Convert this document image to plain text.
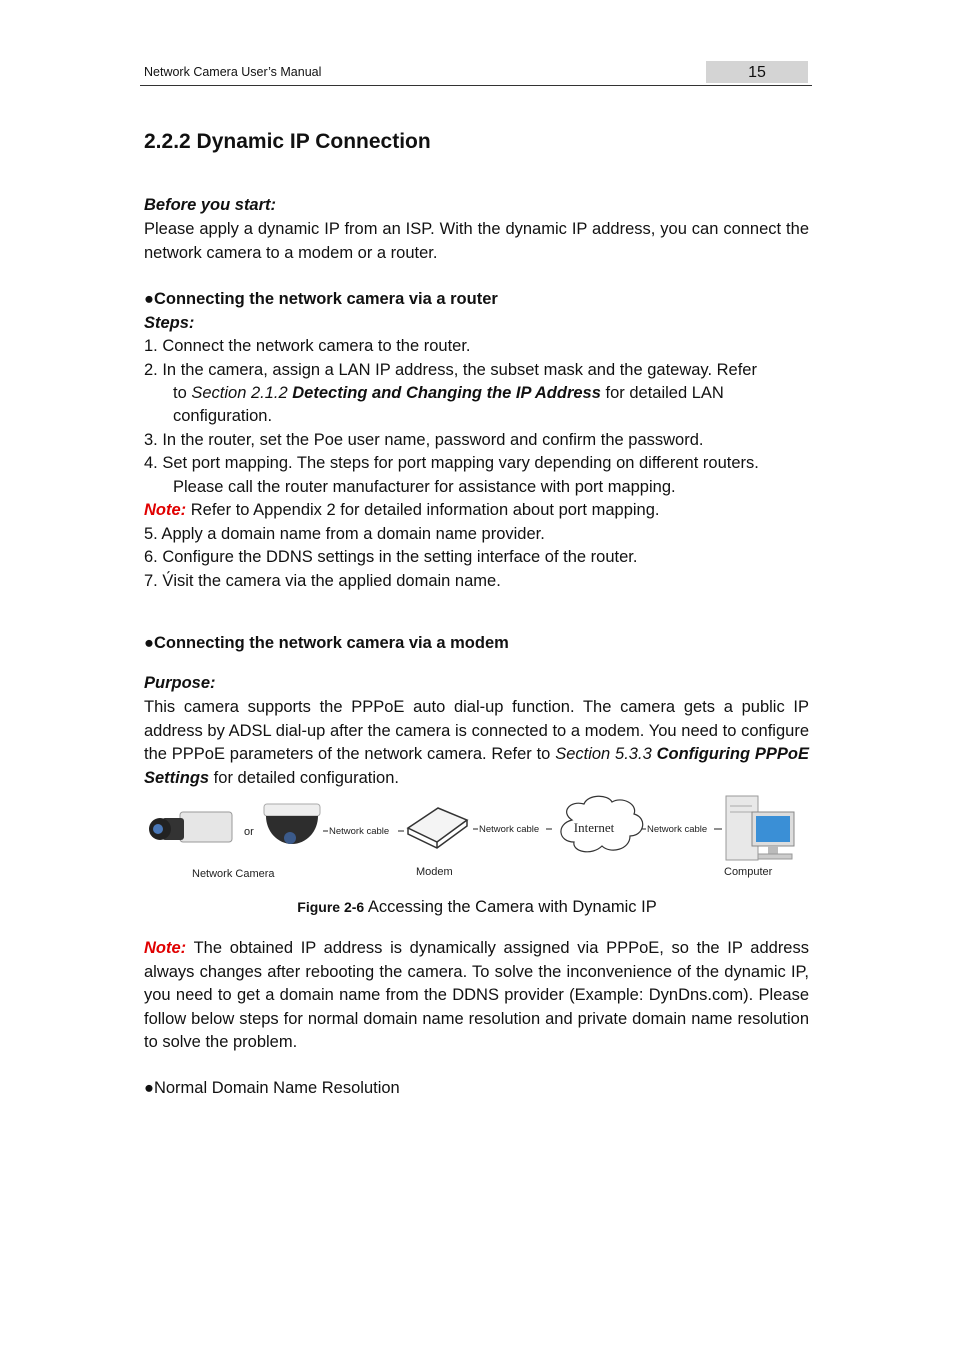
Network Camera User’s Manual	15
2.2.2 Dynamic IP Connection
Before you start:
Please apply a dynamic IP from an ISP. With the dynamic IP address, you can connect the network camera to a modem or a router.
●Connecting the network camera via a router
Steps:
1. Connect the network camera to the router.
2. In the camera, assign a LAN IP address, the subset mask and the gateway. Refer
to Section 2.1.2 Detecting and Changing the IP Address for detailed LAN
configuration.
3. In the router, set the Poe user name, password and confirm the password.
4. Set port mapping. The steps for port mapping vary depending on different routers.
Please call the router manufacturer for assistance with port mapping.
Note: Refer to Appendix 2 for detailed information about port mapping.
5. Apply a domain name from a domain name provider.
6. Configure the DDNS settings in the setting interface of the router.
7. V́isit the camera via the applied domain name.
●Connecting the network camera via a modem
Purpose:
This camera supports the PPPoE auto dial-up function. The camera gets a public IP address by ADSL dial-up after the camera is connected to a modem. You need to configure the PPPoE parameters of the network camera. Refer to Section 5.3.3 Configuring PPPoE Settings for detailed configuration.
or	Network cable	Network cable	Internet	Network cable
Network Camera	Modem	Computer
Figure 2-6 Accessing the Camera with Dynamic IP
Note: The obtained IP address is dynamically assigned via PPPoE, so the IP address always changes after rebooting the camera. To solve the inconvenience of the dynamic IP, you need to get a domain name from the DDNS provider (Example: DynDns.com). Please follow below steps for normal domain name resolution and private domain name resolution to solve the problem.
●Normal Domain Name Resolution
